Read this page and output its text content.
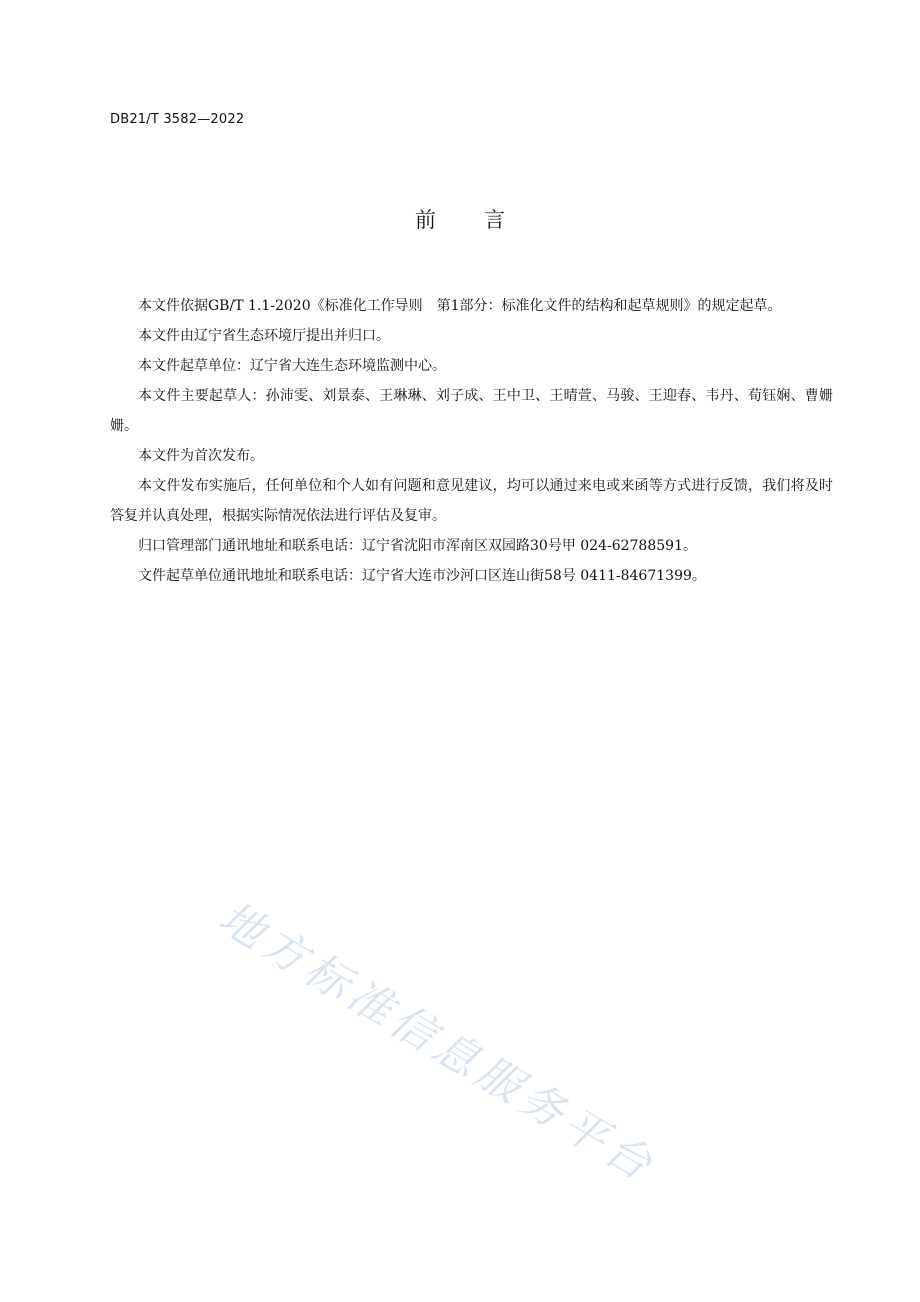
DB21/T 3582—2022
前 言

本文件依据GB/T 1.1-2020《标准化工作导则　第1部分：标准化文件的结构和起草规则》的规定起草。

本文件由辽宁省生态环境厅提出并归口。

本文件起草单位：辽宁省大连生态环境监测中心。

本文件主要起草人：孙沛雯、刘景泰、王琳琳、刘子成、王中卫、王晴萱、马骏、王迎春、韦丹、荀钰娴、曹姗姗。

本文件为首次发布。

本文件发布实施后，任何单位和个人如有问题和意见建议，均可以通过来电或来函等方式进行反馈，我们将及时答复并认真处理，根据实际情况依法进行评估及复审。

归口管理部门通讯地址和联系电话：辽宁省沈阳市浑南区双园路30号甲 024-62788591。

文件起草单位通讯地址和联系电话：辽宁省大连市沙河口区连山街58号 0411-84671399。

地方标准信息服务平台
